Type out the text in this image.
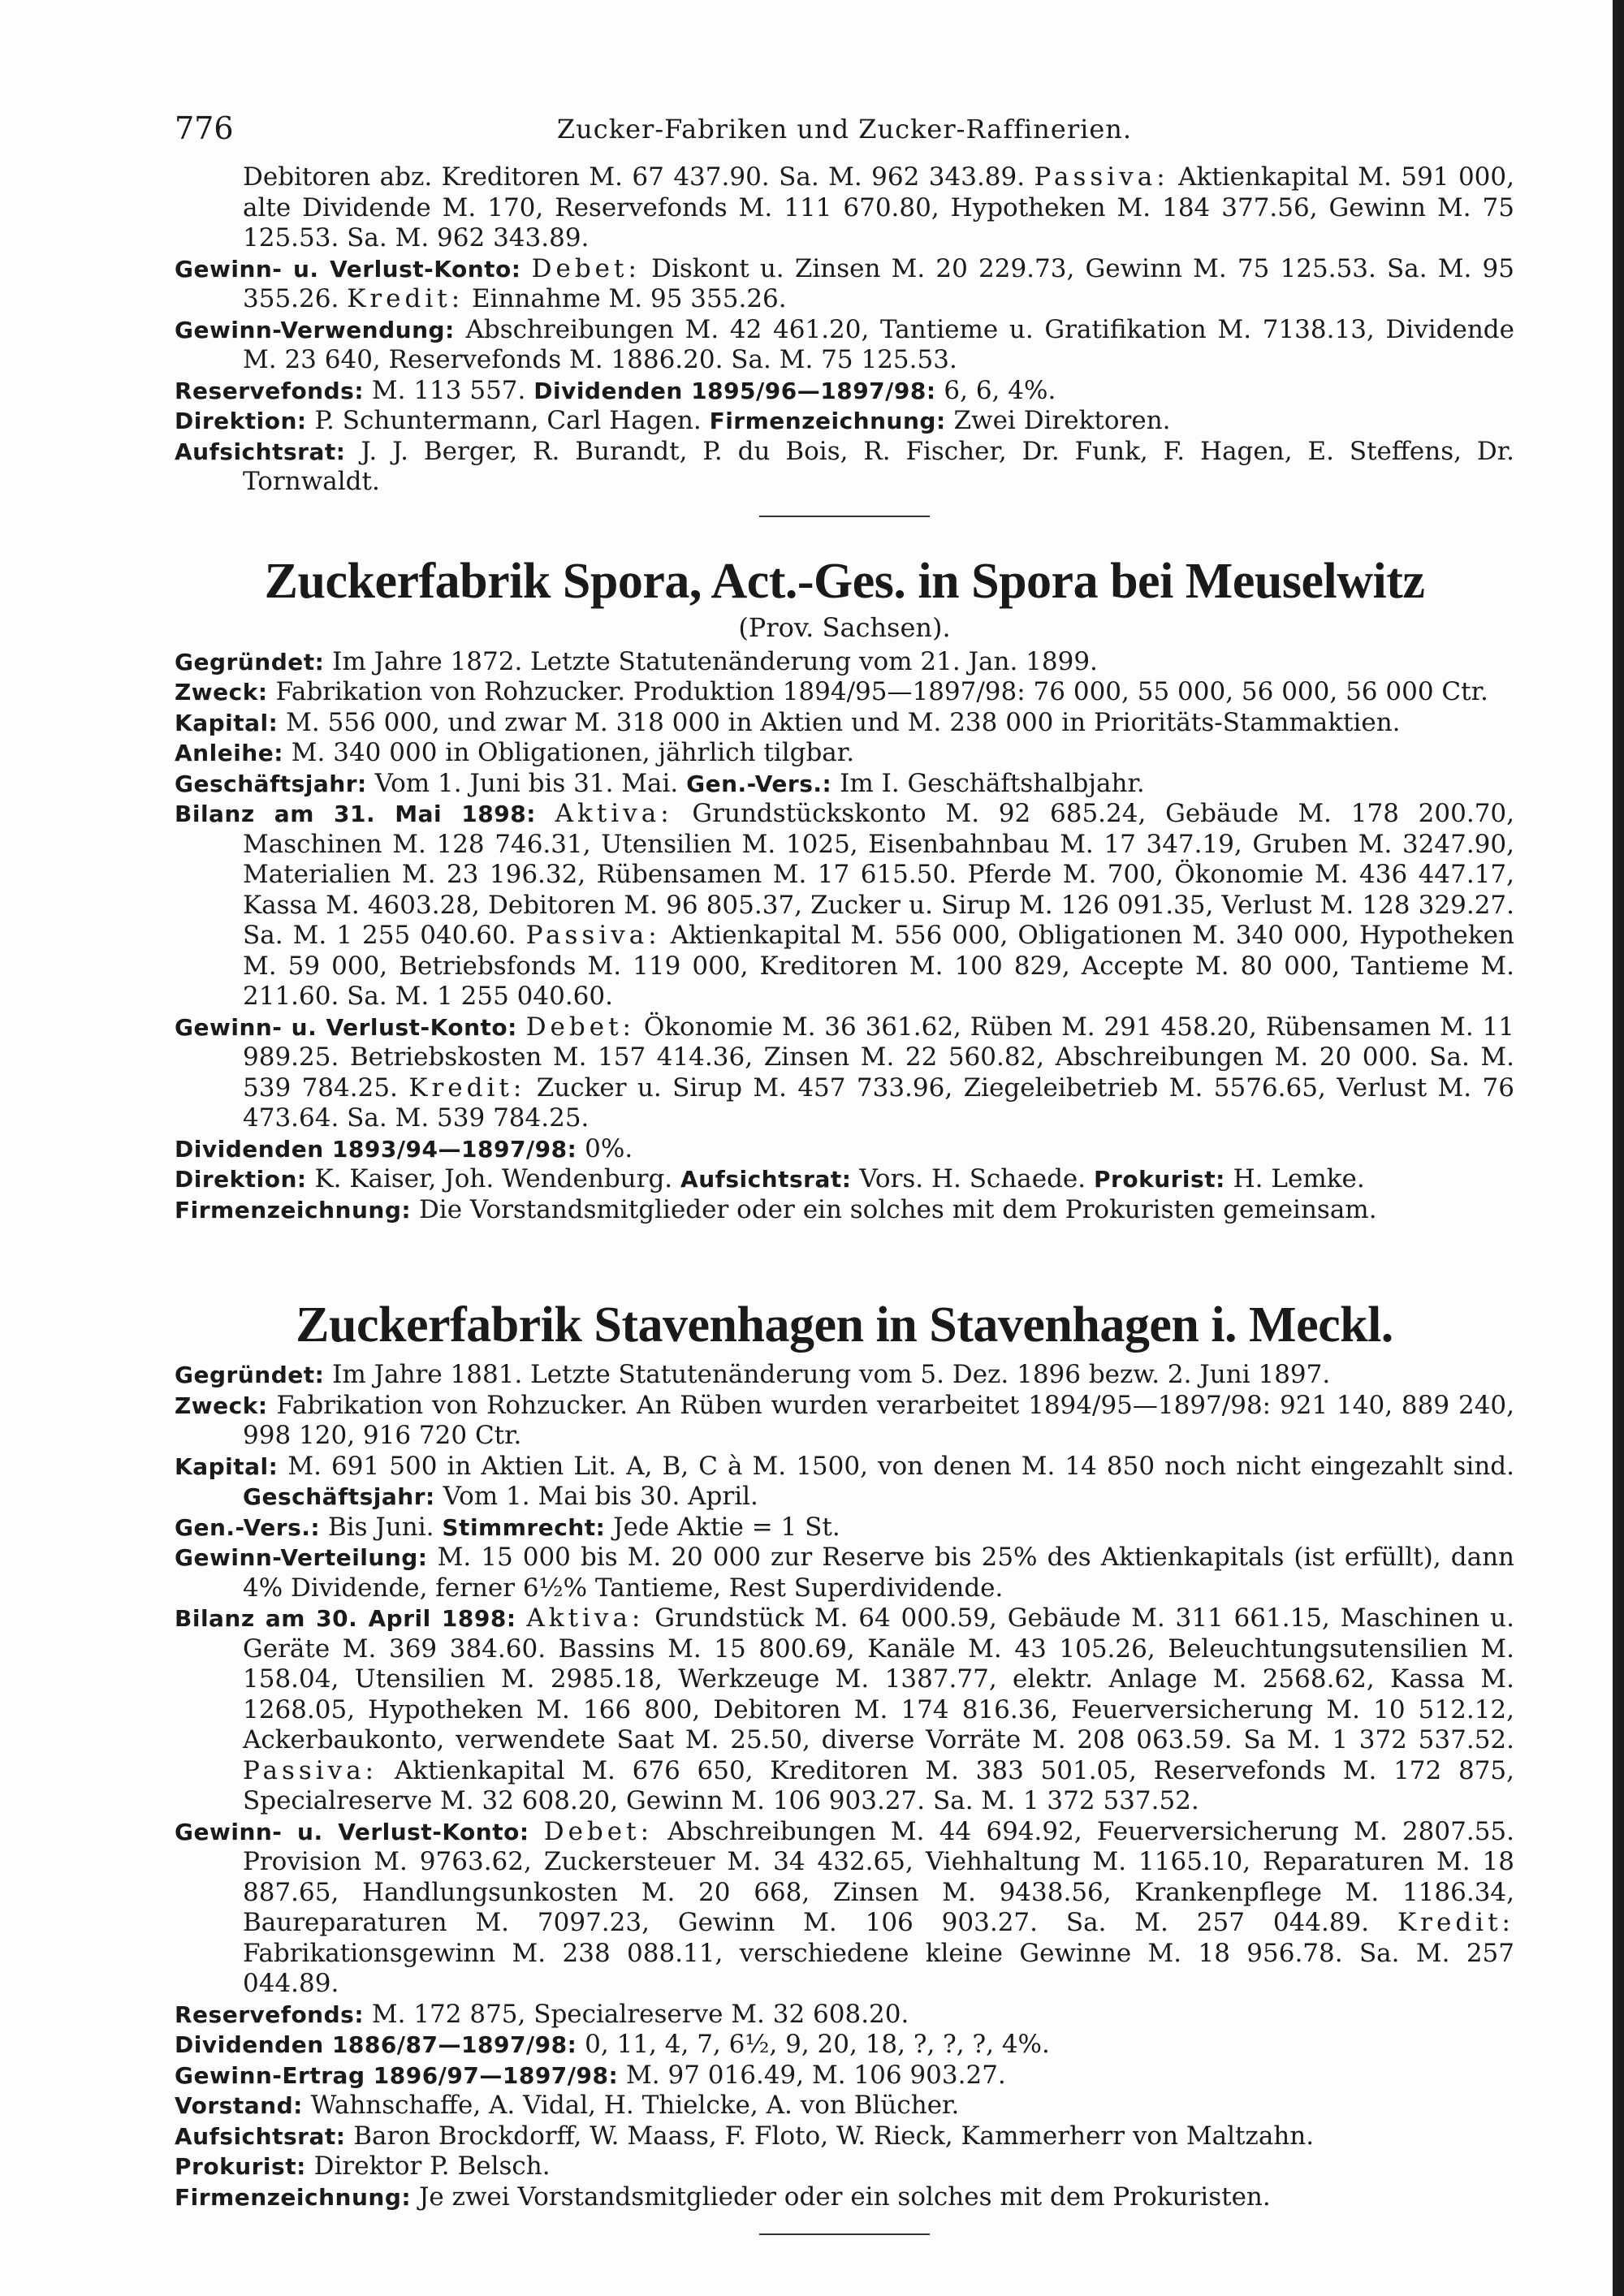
776	Zucker-Fabriken und Zucker-Raffinerien.

Debitoren abz. Kreditoren M. 67 437.90. Sa. M. 962 343.89. Passiva: Aktienkapital M. 591 000, alte Dividende M. 170, Reservefonds M. 111 670.80, Hypotheken M. 184 377.56, Gewinn M. 75 125.53. Sa. M. 962 343.89.

Gewinn- u. Verlust-Konto: Debet: Diskont u. Zinsen M. 20 229.73, Gewinn M. 75 125.53. Sa. M. 95 355.26. Kredit: Einnahme M. 95 355.26.

Gewinn-Verwendung: Abschreibungen M. 42 461.20, Tantieme u. Gratifikation M. 7138.13, Dividende M. 23 640, Reservefonds M. 1886.20. Sa. M. 75 125.53.

Reservefonds: M. 113 557. Dividenden 1895/96—1897/98: 6, 6, 4%.

Direktion: P. Schuntermann, Carl Hagen. Firmenzeichnung: Zwei Direktoren.

Aufsichtsrat: J. J. Berger, R. Burandt, P. du Bois, R. Fischer, Dr. Funk, F. Hagen, E. Steffens, Dr. Tornwaldt.

Zuckerfabrik Spora, Act.-Ges. in Spora bei Meuselwitz
(Prov. Sachsen).

Gegründet: Im Jahre 1872. Letzte Statutenänderung vom 21. Jan. 1899.

Zweck: Fabrikation von Rohzucker. Produktion 1894/95—1897/98: 76 000, 55 000, 56 000, 56 000 Ctr.

Kapital: M. 556 000, und zwar M. 318 000 in Aktien und M. 238 000 in Prioritäts-Stammaktien.

Anleihe: M. 340 000 in Obligationen, jährlich tilgbar.

Geschäftsjahr: Vom 1. Juni bis 31. Mai. Gen.-Vers.: Im I. Geschäftshalbjahr.

Bilanz am 31. Mai 1898: Aktiva: Grundstückskonto M. 92 685.24, Gebäude M. 178 200.70, Maschinen M. 128 746.31, Utensilien M. 1025, Eisenbahnbau M. 17 347.19, Gruben M. 3247.90, Materialien M. 23 196.32, Rübensamen M. 17 615.50. Pferde M. 700, Ökonomie M. 436 447.17, Kassa M. 4603.28, Debitoren M. 96 805.37, Zucker u. Sirup M. 126 091.35, Verlust M. 128 329.27. Sa. M. 1 255 040.60. Passiva: Aktienkapital M. 556 000, Obligationen M. 340 000, Hypotheken M. 59 000, Betriebsfonds M. 119 000, Kreditoren M. 100 829, Accepte M. 80 000, Tantieme M. 211.60. Sa. M. 1 255 040.60.

Gewinn- u. Verlust-Konto: Debet: Ökonomie M. 36 361.62, Rüben M. 291 458.20, Rübensamen M. 11 989.25. Betriebskosten M. 157 414.36, Zinsen M. 22 560.82, Abschreibungen M. 20 000. Sa. M. 539 784.25. Kredit: Zucker u. Sirup M. 457 733.96, Ziegeleibetrieb M. 5576.65, Verlust M. 76 473.64. Sa. M. 539 784.25.

Dividenden 1893/94—1897/98: 0%.

Direktion: K. Kaiser, Joh. Wendenburg. Aufsichtsrat: Vors. H. Schaede. Prokurist: H. Lemke.

Firmenzeichnung: Die Vorstandsmitglieder oder ein solches mit dem Prokuristen gemeinsam.

Zuckerfabrik Stavenhagen in Stavenhagen i. Meckl.

Gegründet: Im Jahre 1881. Letzte Statutenänderung vom 5. Dez. 1896 bezw. 2. Juni 1897.

Zweck: Fabrikation von Rohzucker. An Rüben wurden verarbeitet 1894/95—1897/98: 921 140, 889 240, 998 120, 916 720 Ctr.

Kapital: M. 691 500 in Aktien Lit. A, B, C à M. 1500, von denen M. 14 850 noch nicht eingezahlt sind. Geschäftsjahr: Vom 1. Mai bis 30. April.

Gen.-Vers.: Bis Juni. Stimmrecht: Jede Aktie = 1 St.

Gewinn-Verteilung: M. 15 000 bis M. 20 000 zur Reserve bis 25% des Aktienkapitals (ist erfüllt), dann 4% Dividende, ferner 6½% Tantieme, Rest Superdividende.

Bilanz am 30. April 1898: Aktiva: Grundstück M. 64 000.59, Gebäude M. 311 661.15, Maschinen u. Geräte M. 369 384.60. Bassins M. 15 800.69, Kanäle M. 43 105.26, Beleuchtungsutensilien M. 158.04, Utensilien M. 2985.18, Werkzeuge M. 1387.77, elektr. Anlage M. 2568.62, Kassa M. 1268.05, Hypotheken M. 166 800, Debitoren M. 174 816.36, Feuerversicherung M. 10 512.12, Ackerbaukonto, verwendete Saat M. 25.50, diverse Vorräte M. 208 063.59. Sa M. 1 372 537.52. Passiva: Aktienkapital M. 676 650, Kreditoren M. 383 501.05, Reservefonds M. 172 875, Specialreserve M. 32 608.20, Gewinn M. 106 903.27. Sa. M. 1 372 537.52.

Gewinn- u. Verlust-Konto: Debet: Abschreibungen M. 44 694.92, Feuerversicherung M. 2807.55. Provision M. 9763.62, Zuckersteuer M. 34 432.65, Viehhaltung M. 1165.10, Reparaturen M. 18 887.65, Handlungsunkosten M. 20 668, Zinsen M. 9438.56, Krankenpflege M. 1186.34, Baureparaturen M. 7097.23, Gewinn M. 106 903.27. Sa. M. 257 044.89. Kredit: Fabrikationsgewinn M. 238 088.11, verschiedene kleine Gewinne M. 18 956.78. Sa. M. 257 044.89.

Reservefonds: M. 172 875, Specialreserve M. 32 608.20.

Dividenden 1886/87—1897/98: 0, 11, 4, 7, 6½, 9, 20, 18, ?, ?, ?, 4%.

Gewinn-Ertrag 1896/97—1897/98: M. 97 016.49, M. 106 903.27.

Vorstand: Wahnschaffe, A. Vidal, H. Thielcke, A. von Blücher.

Aufsichtsrat: Baron Brockdorff, W. Maass, F. Floto, W. Rieck, Kammerherr von Maltzahn.

Prokurist: Direktor P. Belsch.

Firmenzeichnung: Je zwei Vorstandsmitglieder oder ein solches mit dem Prokuristen.
